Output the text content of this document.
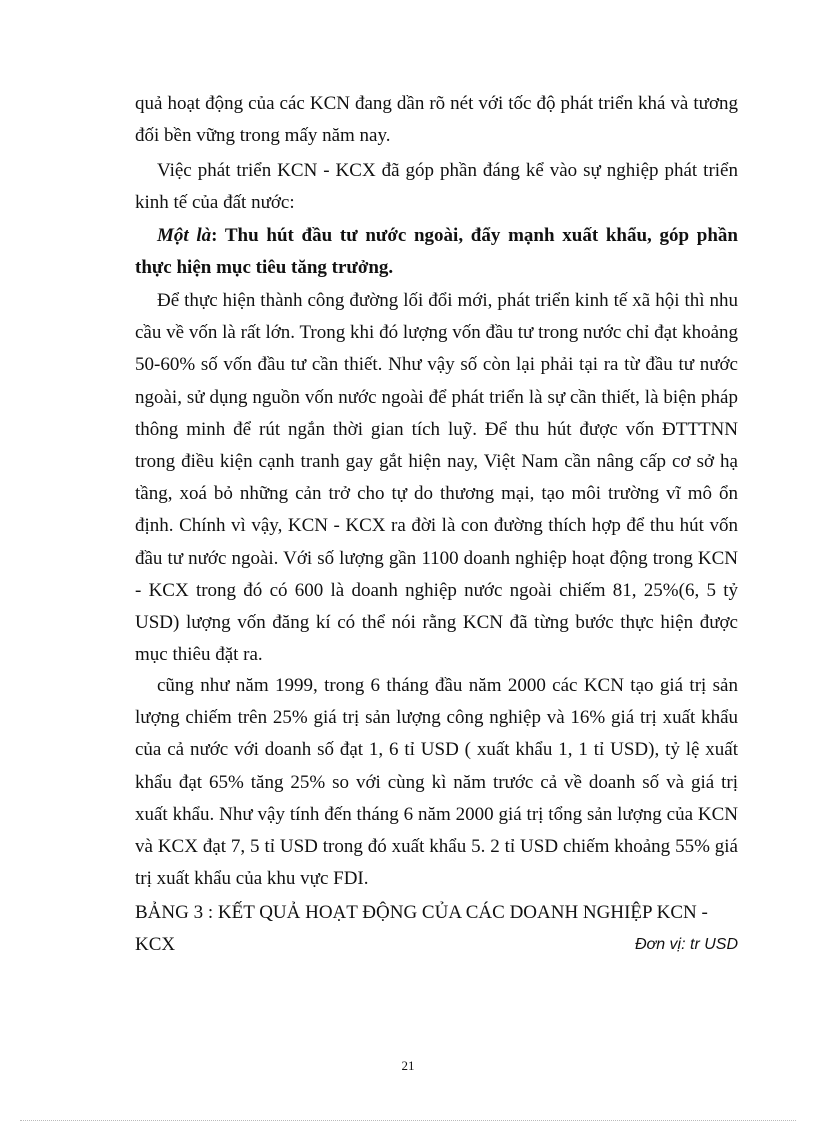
quả hoạt động của các KCN đang dần rõ nét với tốc độ phát triển khá và tương đối bền vững trong mấy năm nay.

Việc phát triển KCN - KCX đã góp phần đáng kể vào sự nghiệp phát triển kinh tế của đất nước:

Một là: Thu hút đầu tư nước ngoài, đẩy mạnh xuất khẩu, góp phần thực hiện mục tiêu tăng trưởng.

Để thực hiện thành công đường lối đổi mới, phát triển kinh tế xã hội thì nhu cầu về vốn là rất lớn. Trong khi đó lượng vốn đầu tư trong nước chỉ đạt khoảng 50-60% số vốn đầu tư cần thiết. Như vậy số còn lại phải tại ra từ đầu tư nước ngoài, sử dụng nguồn vốn nước ngoài để phát triển là sự cần thiết, là biện pháp thông minh để rút ngắn thời gian tích luỹ. Để thu hút được vốn ĐTTTNN trong điều kiện cạnh tranh gay gắt hiện nay, Việt Nam cần nâng cấp cơ sở hạ tầng, xoá bỏ những cản trở cho tự do thương mại, tạo môi trường vĩ mô ổn định. Chính vì vậy, KCN - KCX ra đời là con đường thích hợp để thu hút vốn đầu tư nước ngoài. Với số lượng gần 1100 doanh nghiệp hoạt động trong KCN - KCX trong đó có 600 là doanh nghiệp nước ngoài chiếm 81, 25%(6, 5 tỷ USD) lượng vốn đăng kí có thể nói rằng KCN đã từng bước thực hiện được mục thiêu đặt ra.

cũng như năm 1999, trong 6 tháng đầu năm 2000 các KCN tạo giá trị sản lượng chiếm trên 25% giá trị sản lượng công nghiệp và 16% giá trị xuất khẩu của cả nước với doanh số đạt 1, 6 tỉ USD ( xuất khẩu 1, 1 tỉ USD), tỷ lệ xuất khẩu đạt 65% tăng 25% so với cùng kì năm trước cả về doanh số và giá trị xuất khẩu. Như vậy tính đến tháng 6 năm 2000 giá trị tổng sản lượng của KCN và KCX đạt 7, 5 tỉ USD trong đó xuất khẩu 5. 2 tỉ USD chiếm khoảng 55% giá trị xuất khẩu của khu vực FDI.

BẢNG 3 : KẾT QUẢ HOẠT ĐỘNG CỦA CÁC DOANH NGHIỆP KCN - KCX	Đơn vị: tr USD
21
